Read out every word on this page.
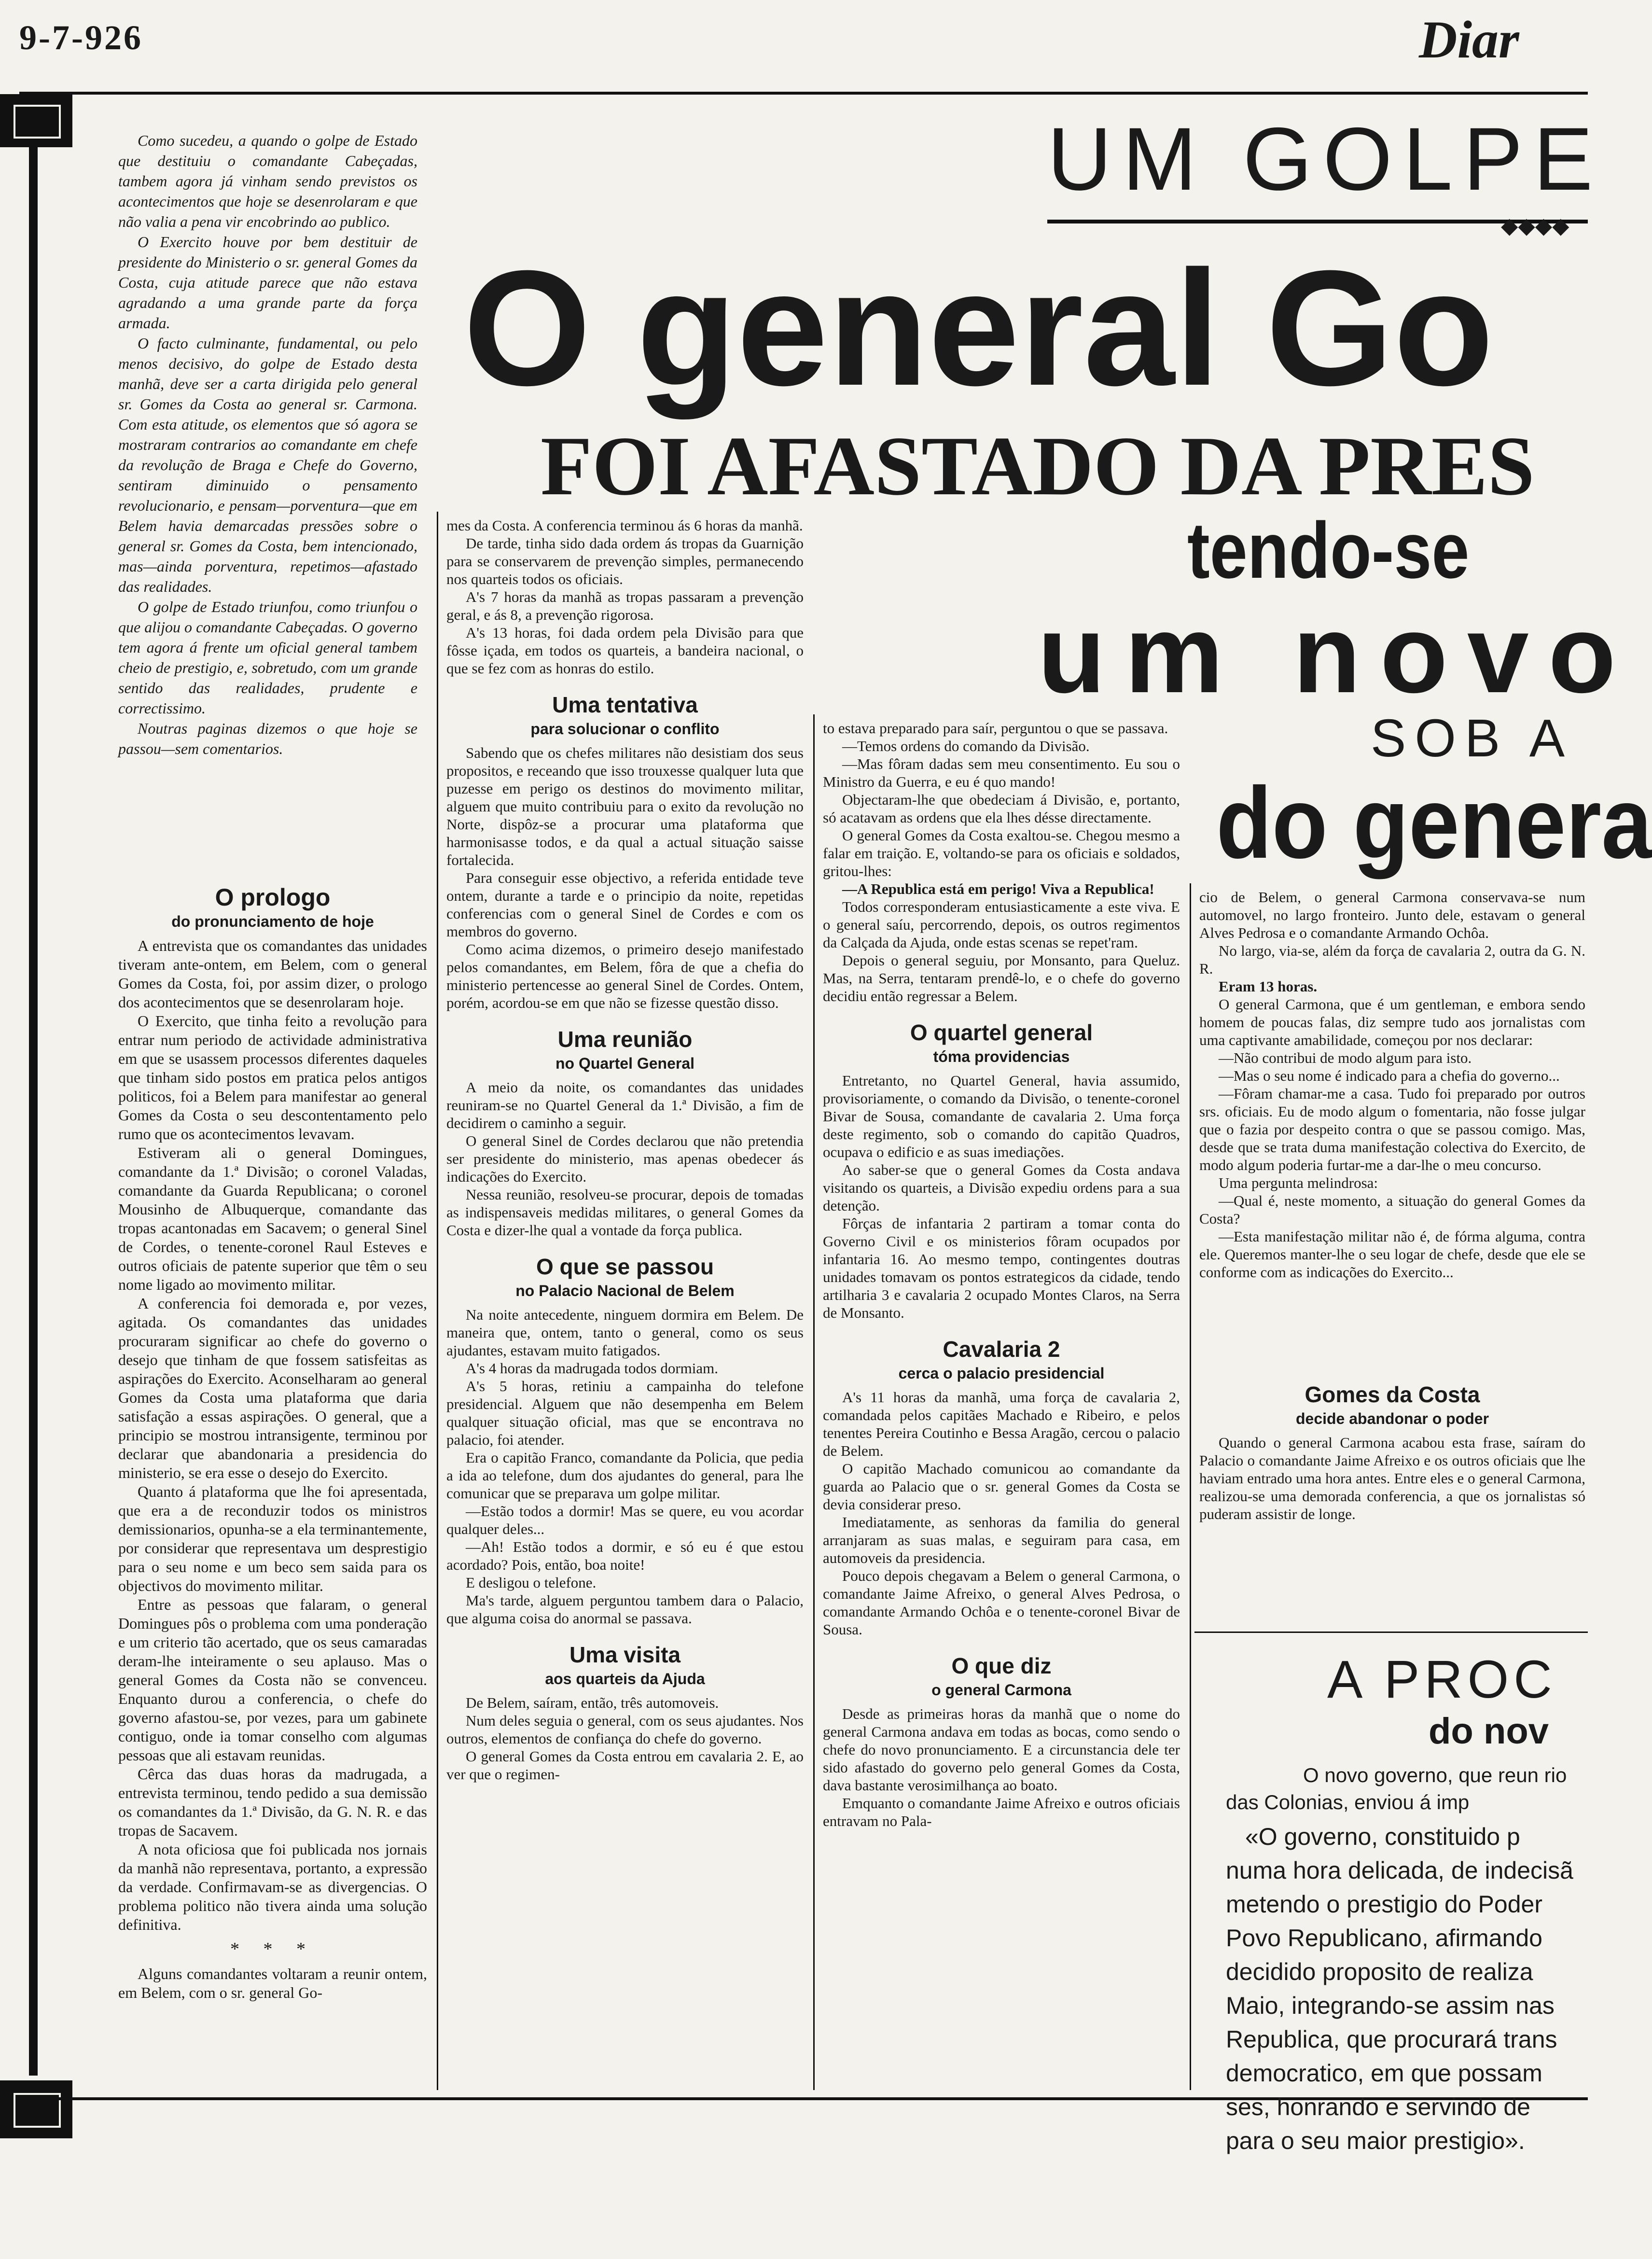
9-7-926	Diar
UM GOLPE
◆◆◆◆
O general Go
FOI AFASTADO DA PRES
tendo-se
um novo
SOB A
do genera

Como sucedeu, a quando o golpe de Estado que destituiu o comandante Cabeçadas, tambem agora já vinham sendo previstos os acontecimentos que hoje se desenrolaram e que não valia a pena vir encobrindo ao publico.

O Exercito houve por bem destituir de presidente do Ministerio o sr. general Gomes da Costa, cuja atitude parece que não estava agradando a uma grande parte da força armada.

O facto culminante, fundamental, ou pelo menos decisivo, do golpe de Estado desta manhã, deve ser a carta dirigida pelo general sr. Gomes da Costa ao general sr. Carmona. Com esta atitude, os elementos que só agora se mostraram contrarios ao comandante em chefe da revolução de Braga e Chefe do Governo, sentiram diminuido o pensamento revolucionario, e pensam—porventura—que em Belem havia demarcadas pressões sobre o general sr. Gomes da Costa, bem intencionado, mas—ainda porventura, repetimos—afastado das realidades.

O golpe de Estado triunfou, como triunfou o que alijou o comandante Cabeçadas. O governo tem agora á frente um oficial general tambem cheio de prestigio, e, sobretudo, com um grande sentido das realidades, prudente e correctissimo.

Noutras paginas dizemos o que hoje se passou—sem comentarios.

O prologo
do pronunciamento de hoje

A entrevista que os comandantes das unidades tiveram ante-ontem, em Belem, com o general Gomes da Costa, foi, por assim dizer, o prologo dos acontecimentos que se desenrolaram hoje.

O Exercito, que tinha feito a revolução para entrar num periodo de actividade administrativa em que se usassem processos diferentes daqueles que tinham sido postos em pratica pelos antigos politicos, foi a Belem para manifestar ao general Gomes da Costa o seu descontentamento pelo rumo que os acontecimentos levavam.

Estiveram ali o general Domingues, comandante da 1.ª Divisão; o coronel Valadas, comandante da Guarda Republicana; o coronel Mousinho de Albuquerque, comandante das tropas acantonadas em Sacavem; o general Sinel de Cordes, o tenente-coronel Raul Esteves e outros oficiais de patente superior que têm o seu nome ligado ao movimento militar.

A conferencia foi demorada e, por vezes, agitada. Os comandantes das unidades procuraram significar ao chefe do governo o desejo que tinham de que fossem satisfeitas as aspirações do Exercito. Aconselharam ao general Gomes da Costa uma plataforma que daria satisfação a essas aspirações. O general, que a principio se mostrou intransigente, terminou por declarar que abandonaria a presidencia do ministerio, se era esse o desejo do Exercito.

Quanto á plataforma que lhe foi apresentada, que era a de reconduzir todos os ministros demissionarios, opunha-se a ela terminantemente, por considerar que representava um desprestigio para o seu nome e um beco sem saida para os objectivos do movimento militar.

Entre as pessoas que falaram, o general Domingues pôs o problema com uma ponderação e um criterio tão acertado, que os seus camaradas deram-lhe inteiramente o seu aplauso. Mas o general Gomes da Costa não se convenceu. Enquanto durou a conferencia, o chefe do governo afastou-se, por vezes, para um gabinete contiguo, onde ia tomar conselho com algumas pessoas que ali estavam reunidas.

Cêrca das duas horas da madrugada, a entrevista terminou, tendo pedido a sua demissão os comandantes da 1.ª Divisão, da G. N. R. e das tropas de Sacavem.

A nota oficiosa que foi publicada nos jornais da manhã não representava, portanto, a expressão da verdade. Confirmavam-se as divergencias. O problema politico não tivera ainda uma solução definitiva.

* * *

Alguns comandantes voltaram a reunir ontem, em Belem, com o sr. general Go-

mes da Costa. A conferencia terminou ás 6 horas da manhã.

De tarde, tinha sido dada ordem ás tropas da Guarnição para se conservarem de prevenção simples, permanecendo nos quarteis todos os oficiais.

A's 7 horas da manhã as tropas passaram a prevenção geral, e ás 8, a prevenção rigorosa.

A's 13 horas, foi dada ordem pela Divisão para que fôsse içada, em todos os quarteis, a bandeira nacional, o que se fez com as honras do estilo.

Uma tentativa
para solucionar o conflito

Sabendo que os chefes militares não desistiam dos seus propositos, e receando que isso trouxesse qualquer luta que puzesse em perigo os destinos do movimento militar, alguem que muito contribuiu para o exito da revolução no Norte, dispôz-se a procurar uma plataforma que harmonisasse todos, e da qual a actual situação saisse fortalecida.

Para conseguir esse objectivo, a referida entidade teve ontem, durante a tarde e o principio da noite, repetidas conferencias com o general Sinel de Cordes e com os membros do governo.

Como acima dizemos, o primeiro desejo manifestado pelos comandantes, em Belem, fôra de que a chefia do ministerio pertencesse ao general Sinel de Cordes. Ontem, porém, acordou-se em que não se fizesse questão disso.

Uma reunião
no Quartel General

A meio da noite, os comandantes das unidades reuniram-se no Quartel General da 1.ª Divisão, a fim de decidirem o caminho a seguir.

O general Sinel de Cordes declarou que não pretendia ser presidente do ministerio, mas apenas obedecer ás indicações do Exercito.

Nessa reunião, resolveu-se procurar, depois de tomadas as indispensaveis medidas militares, o general Gomes da Costa e dizer-lhe qual a vontade da força publica.

O que se passou
no Palacio Nacional de Belem

Na noite antecedente, ninguem dormira em Belem. De maneira que, ontem, tanto o general, como os seus ajudantes, estavam muito fatigados.

A's 4 horas da madrugada todos dormiam.

A's 5 horas, retiniu a campainha do telefone presidencial. Alguem que não desempenha em Belem qualquer situação oficial, mas que se encontrava no palacio, foi atender.

Era o capitão Franco, comandante da Policia, que pedia a ida ao telefone, dum dos ajudantes do general, para lhe comunicar que se preparava um golpe militar.

—Estão todos a dormir! Mas se quere, eu vou acordar qualquer deles...

—Ah! Estão todos a dormir, e só eu é que estou acordado? Pois, então, boa noite!

E desligou o telefone.

Ma's tarde, alguem perguntou tambem dara o Palacio, que alguma coisa do anormal se passava.

Uma visita
aos quarteis da Ajuda

De Belem, saíram, então, três automoveis.

Num deles seguia o general, com os seus ajudantes. Nos outros, elementos de confiança do chefe do governo.

O general Gomes da Costa entrou em cavalaria 2. E, ao ver que o regimen-

to estava preparado para saír, perguntou o que se passava.

—Temos ordens do comando da Divisão.

—Mas fôram dadas sem meu consentimento. Eu sou o Ministro da Guerra, e eu é quo mando!

Objectaram-lhe que obedeciam á Divisão, e, portanto, só acatavam as ordens que ela lhes désse directamente.

O general Gomes da Costa exaltou-se. Chegou mesmo a falar em traição. E, voltando-se para os oficiais e soldados, gritou-lhes:

—A Republica está em perigo! Viva a Republica!

Todos corresponderam entusiasticamente a este viva. E o general saíu, percorrendo, depois, os outros regimentos da Calçada da Ajuda, onde estas scenas se repet'ram.

Depois o general seguiu, por Monsanto, para Queluz. Mas, na Serra, tentaram prendê-lo, e o chefe do governo decidiu então regressar a Belem.

O quartel general
tóma providencias

Entretanto, no Quartel General, havia assumido, provisoriamente, o comando da Divisão, o tenente-coronel Bivar de Sousa, comandante de cavalaria 2. Uma força deste regimento, sob o comando do capitão Quadros, ocupava o edificio e as suas imediações.

Ao saber-se que o general Gomes da Costa andava visitando os quarteis, a Divisão expediu ordens para a sua detenção.

Fôrças de infantaria 2 partiram a tomar conta do Governo Civil e os ministerios fôram ocupados por infantaria 16. Ao mesmo tempo, contingentes doutras unidades tomavam os pontos estrategicos da cidade, tendo artilharia 3 e cavalaria 2 ocupado Montes Claros, na Serra de Monsanto.

Cavalaria 2
cerca o palacio presidencial

A's 11 horas da manhã, uma força de cavalaria 2, comandada pelos capitães Machado e Ribeiro, e pelos tenentes Pereira Coutinho e Bessa Aragão, cercou o palacio de Belem.

O capitão Machado comunicou ao comandante da guarda ao Palacio que o sr. general Gomes da Costa se devia considerar preso.

Imediatamente, as senhoras da familia do general arranjaram as suas malas, e seguiram para casa, em automoveis da presidencia.

Pouco depois chegavam a Belem o general Carmona, o comandante Jaime Afreixo, o general Alves Pedrosa, o comandante Armando Ochôa e o tenente-coronel Bivar de Sousa.

O que diz
o general Carmona

Desde as primeiras horas da manhã que o nome do general Carmona andava em todas as bocas, como sendo o chefe do novo pronunciamento. E a circunstancia dele ter sido afastado do governo pelo general Gomes da Costa, dava bastante verosimilhança ao boato.

Emquanto o comandante Jaime Afreixo e outros oficiais entravam no Pala-

cio de Belem, o general Carmona conservava-se num automovel, no largo fronteiro. Junto dele, estavam o general Alves Pedrosa e o comandante Armando Ochôa.

No largo, via-se, além da força de cavalaria 2, outra da G. N. R.

Eram 13 horas.

O general Carmona, que é um gentleman, e embora sendo homem de poucas falas, diz sempre tudo aos jornalistas com uma captivante amabilidade, começou por nos declarar:

—Não contribui de modo algum para isto.

—Mas o seu nome é indicado para a chefia do governo...

—Fôram chamar-me a casa. Tudo foi preparado por outros srs. oficiais. Eu de modo algum o fomentaria, não fosse julgar que o fazia por despeito contra o que se passou comigo. Mas, desde que se trata duma manifestação colectiva do Exercito, de modo algum poderia furtar-me a dar-lhe o meu concurso.

Uma pergunta melindrosa:

—Qual é, neste momento, a situação do general Gomes da Costa?

—Esta manifestação militar não é, de fórma alguma, contra ele. Queremos manter-lhe o seu logar de chefe, desde que ele se conforme com as indicações do Exercito...

Gomes da Costa
decide abandonar o poder

Quando o general Carmona acabou esta frase, saíram do Palacio o comandante Jaime Afreixo e os outros oficiais que lhe haviam entrado uma hora antes. Entre eles e o general Carmona, realizou-se uma demorada conferencia, a que os jornalistas só puderam assistir de longe.

A PROC
do nov
O novo governo, que reun rio das Colonias, enviou á imp

«O governo, constituido p

numa hora delicada, de indecisã

metendo o prestigio do Poder

Povo Republicano, afirmando

decidido proposito de realiza

Maio, integrando-se assim nas

Republica, que procurará trans

democratico, em que possam

ses, honrando e servindo de

para o seu maior prestigio».
